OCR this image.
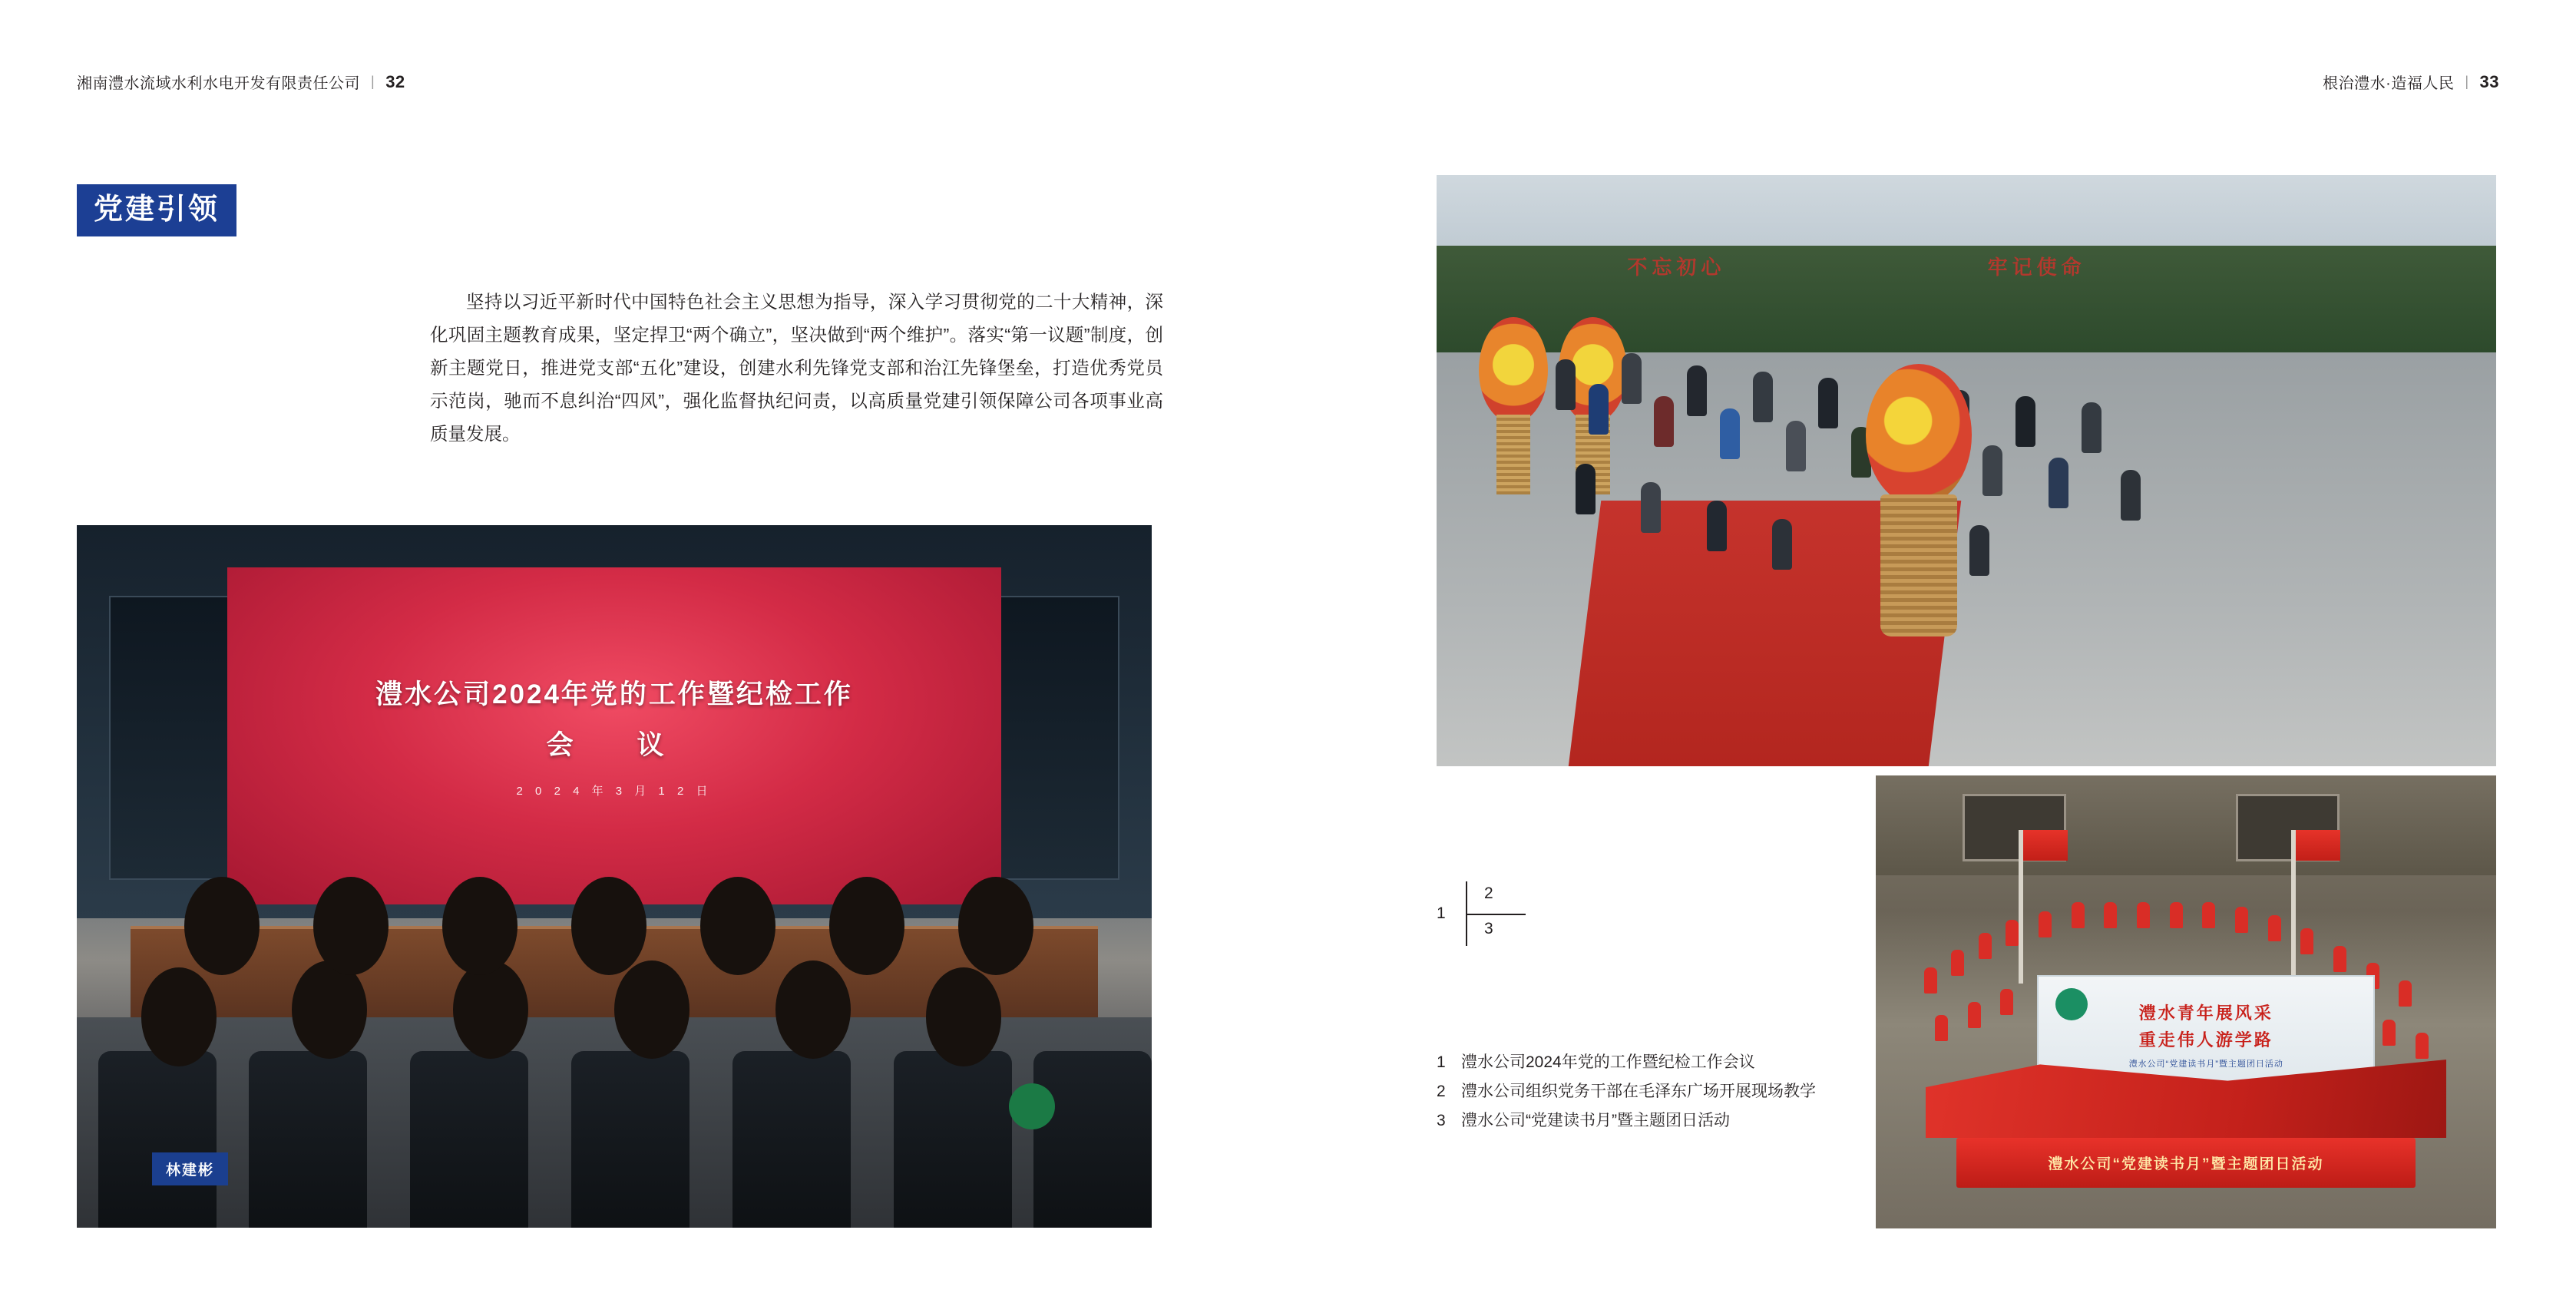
湘南澧水流域水利水电开发有限责任公司 | 32	根治澧水·造福人民 | 33
党建引领
坚持以习近平新时代中国特色社会主义思想为指导，深入学习贯彻党的二十大精神，深化巩固主题教育成果，坚定捍卫“两个确立”，坚决做到“两个维护”。落实“第一议题”制度，创新主题党日，推进党支部“五化”建设，创建水利先锋党支部和治江先锋堡垒，打造优秀党员示范岗，驰而不息纠治“四风”，强化监督执纪问责，以高质量党建引领保障公司各项事业高质量发展。
澧水公司2024年党的工作暨纪检工作
会　议
2 0 2 4 年 3 月 1 2 日
林建彬
不忘初心	牢记使命
澧水青年展风采
重走伟人游学路
澧水公司“党建读书月”暨主题团日活动
澧水公司“党建读书月”暨主题团日活动
1
2
3
1 澧水公司2024年党的工作暨纪检工作会议
2 澧水公司组织党务干部在毛泽东广场开展现场教学
3 澧水公司“党建读书月”暨主题团日活动
